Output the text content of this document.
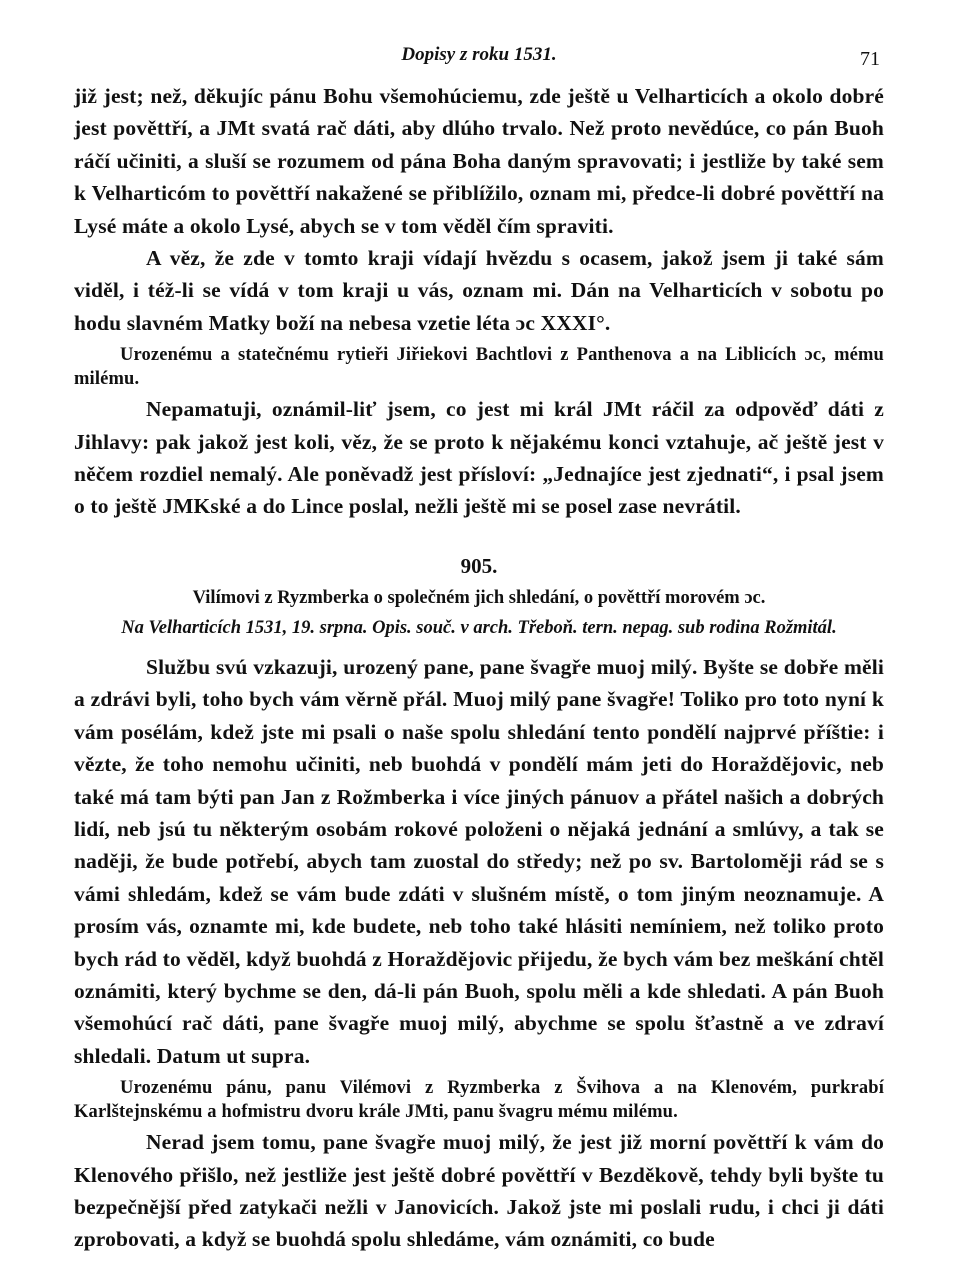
Dopisy z roku 1531.	71

již jest; než, děkujíc pánu Bohu všemohúciemu, zde ještě u Velharticích a okolo dobré jest pověttří, a JMt svatá rač dáti, aby dlúho trvalo. Než proto nevědúce, co pán Buoh ráčí učiniti, a sluší se rozumem od pána Boha daným spravovati; i jestliže by také sem k Velharticóm to pověttří nakažené se přiblížilo, oznam mi, předce-li dobré pověttří na Lysé máte a okolo Lysé, abych se v tom věděl čím spraviti.

A věz, že zde v tomto kraji vídají hvězdu s ocasem, jakož jsem ji také sám viděl, i též-li se vídá v tom kraji u vás, oznam mi. Dán na Velharticích v sobotu po hodu slavném Matky boží na nebesa vzetie léta ɔc XXXI°.

Urozenému a statečnému rytieři Jiřiekovi Bachtlovi z Panthenova a na Liblicích ɔc, mému milému.

Nepamatuji, oznámil-liť jsem, co jest mi král JMt ráčil za odpověď dáti z Jihlavy: pak jakož jest koli, věz, že se proto k nějakému konci vztahuje, ač ještě jest v něčem rozdiel nemalý. Ale poněvadž jest přísloví: „Jednajíce jest zjednati“, i psal jsem o to ještě JMKské a do Lince poslal, nežli ještě mi se posel zase nevrátil.

905.
Vilímovi z Ryzmberka o společném jich shledání, o pověttří morovém ɔc.
Na Velharticích 1531, 19. srpna. Opis. souč. v arch. Třeboň. tern. nepag. sub rodina Rožmitál.

Službu svú vzkazuji, urozený pane, pane švagře muoj milý. Byšte se dobře měli a zdrávi byli, toho bych vám věrně přál. Muoj milý pane švagře! Toliko pro toto nyní k vám posélám, kdež jste mi psali o naše spolu shledání tento pondělí najprvé příštie: i vězte, že toho nemohu učiniti, neb buohdá v pondělí mám jeti do Horaždějovic, neb také má tam býti pan Jan z Rožmberka i více jiných pánuov a přátel našich a dobrých lidí, neb jsú tu některým osobám rokové položeni o nějaká jednání a smlúvy, a tak se naději, že bude potřebí, abych tam zuostal do středy; než po sv. Bartoloměji rád se s vámi shledám, kdež se vám bude zdáti v slušném místě, o tom jiným neoznamuje. A prosím vás, oznamte mi, kde budete, neb toho také hlásiti nemíniem, než toliko proto bych rád to věděl, když buohdá z Horaždějovic přijedu, že bych vám bez meškání chtěl oznámiti, který bychme se den, dá-li pán Buoh, spolu měli a kde shledati. A pán Buoh všemohúcí rač dáti, pane švagře muoj milý, abychme se spolu šťastně a ve zdraví shledali. Datum ut supra.

Urozenému pánu, panu Vilémovi z Ryzmberka z Švihova a na Klenovém, purkrabí Karlštejnskému a hofmistru dvoru krále JMti, panu švagru mému milému.

Nerad jsem tomu, pane švagře muoj milý, že jest již morní pověttří k vám do Klenového přišlo, než jestliže jest ještě dobré pověttří v Bezděkově, tehdy byli byšte tu bezpečnější před zatykači nežli v Janovicích. Jakož jste mi poslali rudu, i chci ji dáti zprobovati, a když se buohdá spolu shledáme, vám oznámiti, co bude
